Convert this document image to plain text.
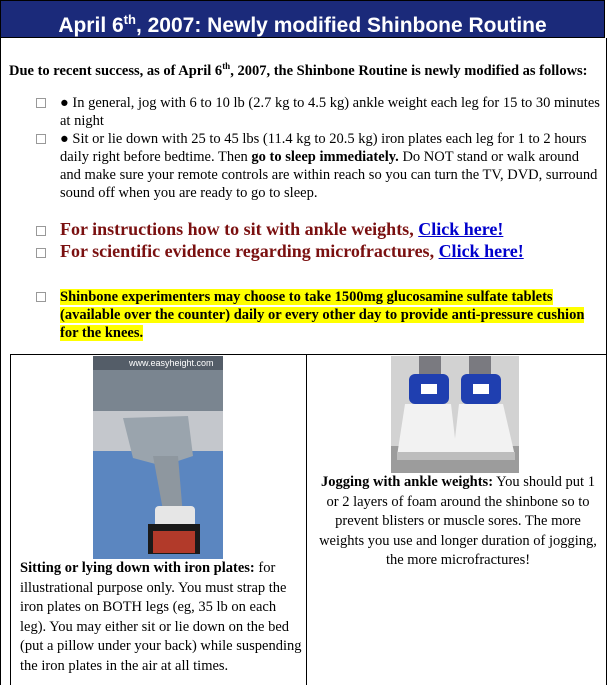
April 6th, 2007: Newly modified Shinbone Routine
Due to recent success, as of April 6th, 2007, the Shinbone Routine is newly modified as follows:
● In general, jog with 6 to 10 lb (2.7 kg to 4.5 kg) ankle weight each leg for 15 to 30 minutes at night
● Sit or lie down with 25 to 45 lbs (11.4 kg to 20.5 kg) iron plates each leg for 1 to 2 hours daily right before bedtime. Then go to sleep immediately. Do NOT stand or walk around and make sure your remote controls are within reach so you can turn the TV, DVD, surround sound off when you are ready to go to sleep.
For instructions how to sit with ankle weights, Click here!
For scientific evidence regarding microfractures, Click here!
Shinbone experimenters may choose to take 1500mg glucosamine sulfate tablets (available over the counter) daily or every other day to provide anti-pressure cushion for the knees.
www.easyheight.com
Sitting or lying down with iron plates: for illustrational purpose only. You must strap the iron plates on BOTH legs (eg, 35 lb on each leg). You may either sit or lie down on the bed (put a pillow under your back) while suspending the iron plates in the air at all times.

Jogging with ankle weights: You should put 1 or 2 layers of foam around the shinbone so to prevent blisters or muscle sores. The more weights you use and longer duration of jogging, the more microfractures!
